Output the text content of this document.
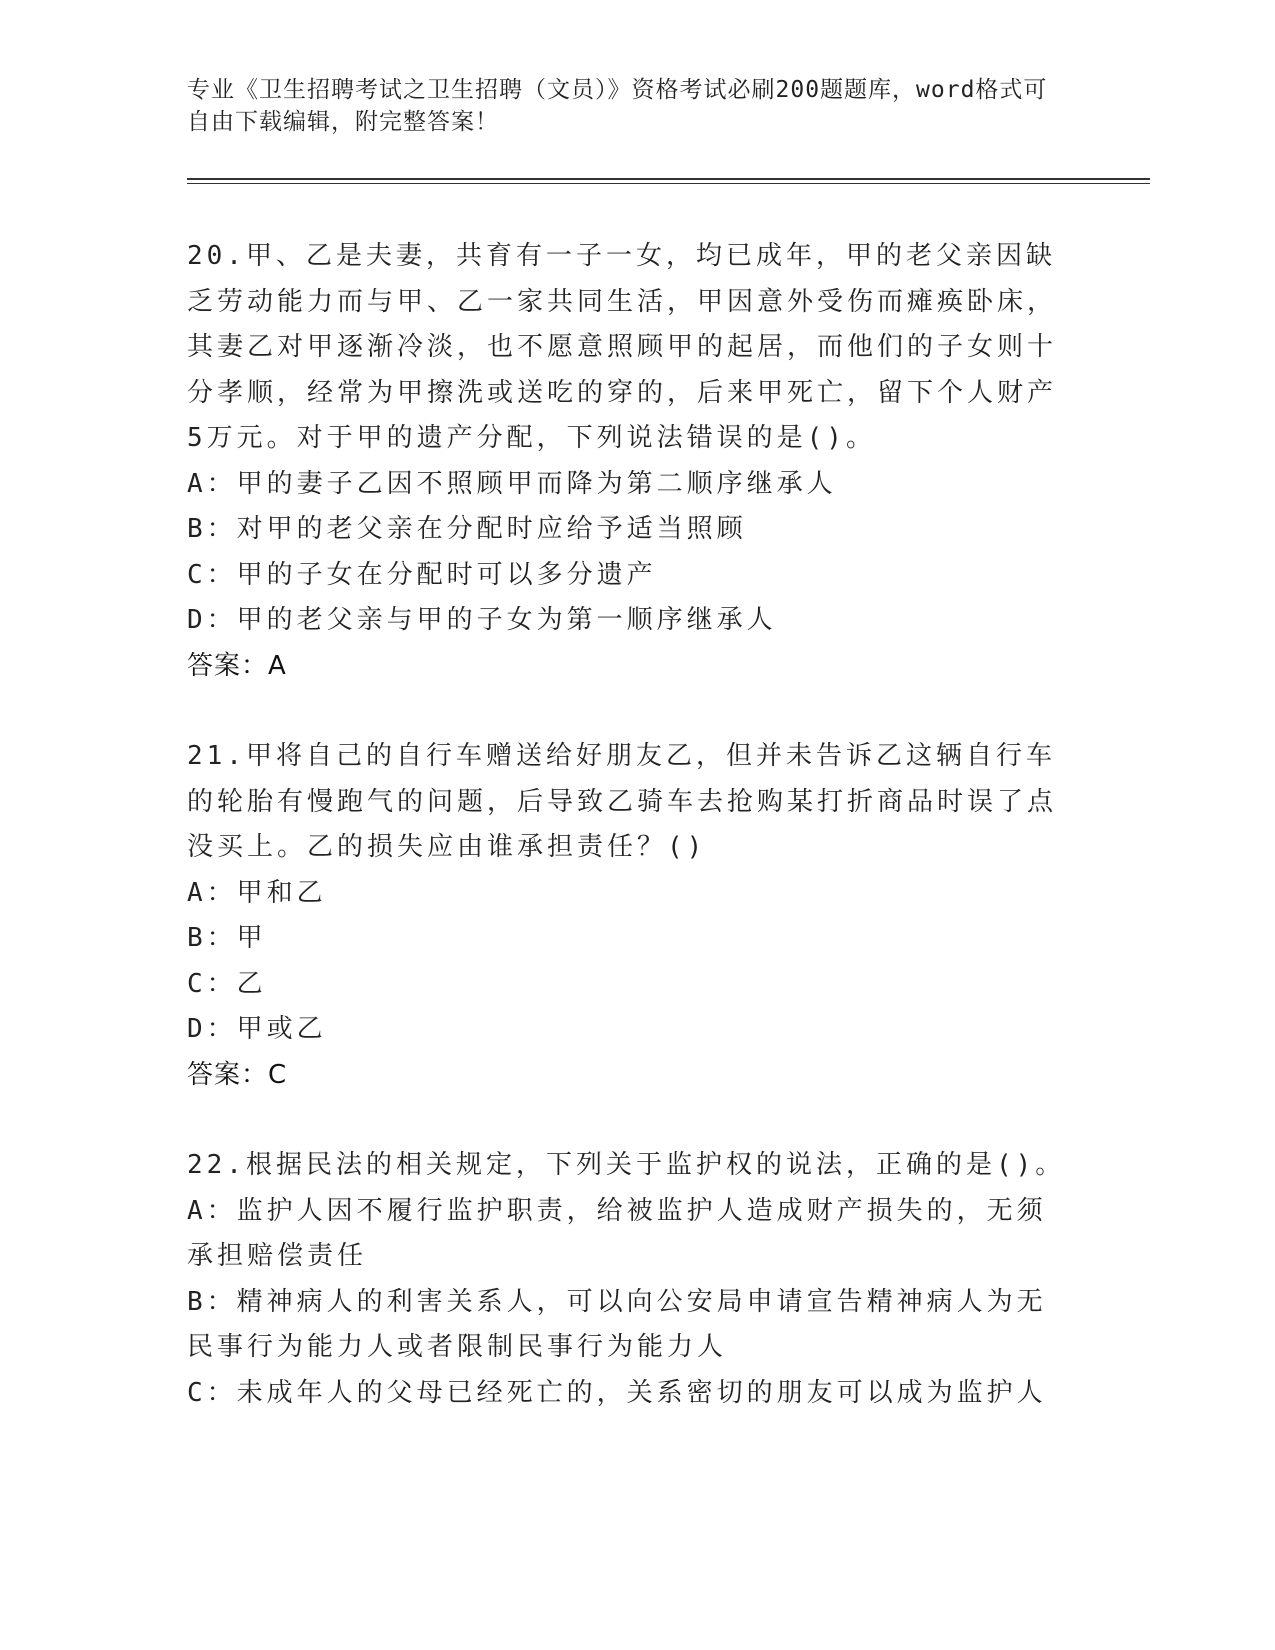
专业《卫生招聘考试之卫生招聘（文员）》资格考试必刷200题题库，word格式可自由下载编辑，附完整答案！

20.甲、乙是夫妻，共育有一子一女，均已成年，甲的老父亲因缺乏劳动能力而与甲、乙一家共同生活，甲因意外受伤而瘫痪卧床，其妻乙对甲逐渐冷淡，也不愿意照顾甲的起居，而他们的子女则十分孝顺，经常为甲擦洗或送吃的穿的，后来甲死亡，留下个人财产5万元。对于甲的遗产分配，下列说法错误的是()。

A：甲的妻子乙因不照顾甲而降为第二顺序继承人

B：对甲的老父亲在分配时应给予适当照顾

C：甲的子女在分配时可以多分遗产

D：甲的老父亲与甲的子女为第一顺序继承人

答案：A

21.甲将自己的自行车赠送给好朋友乙，但并未告诉乙这辆自行车的轮胎有慢跑气的问题，后导致乙骑车去抢购某打折商品时误了点没买上。乙的损失应由谁承担责任？()

A：甲和乙

B：甲

C：乙

D：甲或乙

答案：C

22.根据民法的相关规定，下列关于监护权的说法，正确的是()。

A：监护人因不履行监护职责，给被监护人造成财产损失的，无须承担赔偿责任

B：精神病人的利害关系人，可以向公安局申请宣告精神病人为无民事行为能力人或者限制民事行为能力人

C：未成年人的父母已经死亡的，关系密切的朋友可以成为监护人
